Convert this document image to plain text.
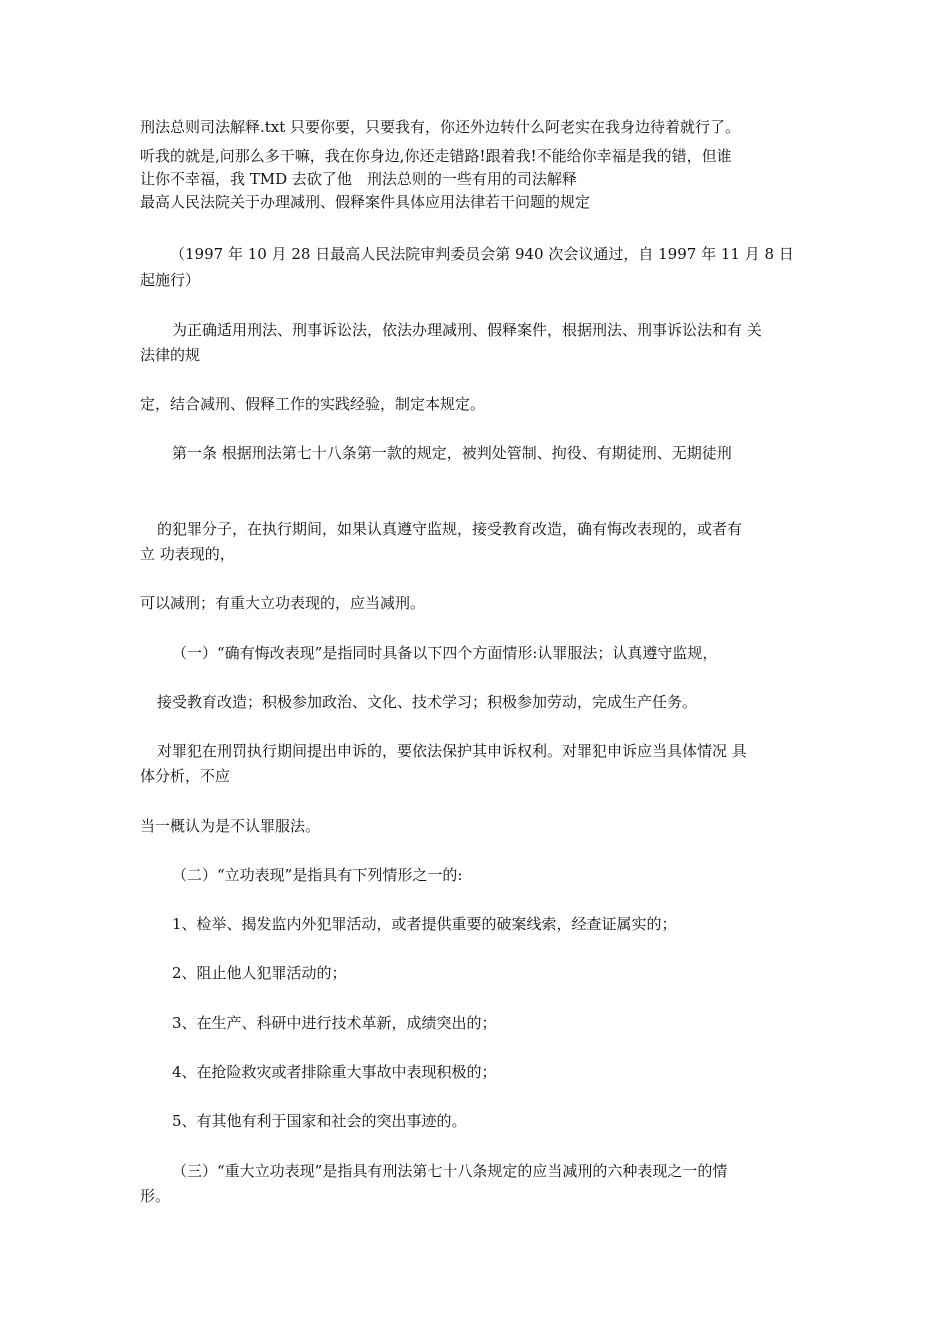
刑法总则司法解释.txt 只要你要，只要我有，你还外边转什么阿老实在我身边待着就行了。
听我的就是,问那么多干嘛，我在你身边,你还走错路!跟着我!不能给你幸福是我的错，但谁
让你不幸福，我 TMD 去砍了他　刑法总则的一些有用的司法解释
最高人民法院关于办理减刑、假释案件具体应用法律若干问题的规定
（1997 年 10 月 28 日最高人民法院审判委员会第 940 次会议通过，自 1997 年 11 月 8 日
起施行）
为正确适用刑法、刑事诉讼法，依法办理减刑、假释案件，根据刑法、刑事诉讼法和有 关
法律的规
定，结合减刑、假释工作的实践经验，制定本规定。
第一条 根据刑法第七十八条第一款的规定，被判处管制、拘役、有期徒刑、无期徒刑
的犯罪分子，在执行期间，如果认真遵守监规，接受教育改造，确有悔改表现的，或者有
立 功表现的，
可以减刑；有重大立功表现的，应当减刑。
（一）“确有悔改表现”是指同时具备以下四个方面情形:认罪服法；认真遵守监规，
接受教育改造；积极参加政治、文化、技术学习；积极参加劳动，完成生产任务。
对罪犯在刑罚执行期间提出申诉的，要依法保护其申诉权利。对罪犯申诉应当具体情况 具
体分析，不应
当一概认为是不认罪服法。
（二）“立功表现”是指具有下列情形之一的:
1、检举、揭发监内外犯罪活动，或者提供重要的破案线索，经查证属实的；
2、阻止他人犯罪活动的；
3、在生产、科研中进行技术革新，成绩突出的；
4、在抢险救灾或者排除重大事故中表现积极的；
5、有其他有利于国家和社会的突出事迹的。
（三）“重大立功表现”是指具有刑法第七十八条规定的应当减刑的六种表现之一的情
形。
